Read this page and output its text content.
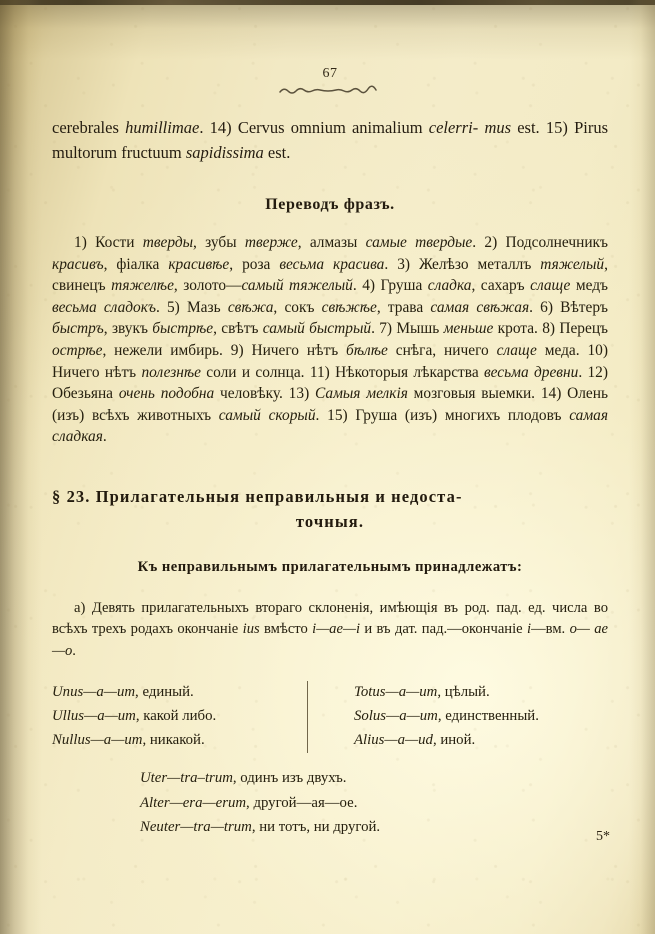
67

cerebrales humillimae. 14) Cervus omnium animalium celerri- mus est. 15) Pirus multorum fructuum sapidissima est.

Переводъ фразъ.

1) Кости тверды, зубы тверже, алмазы самые твердые. 2) Подсолнечникъ красивъ, фіалка красивѣе, роза весьма красива. 3) Желѣзо металлъ тяжелый, свинецъ тяжелѣе, золото—самый тяжелый. 4) Груша сладка, сахаръ слаще медъ весьма сладокъ. 5) Мазь свѣжа, сокъ свѣжѣе, трава самая свѣжая. 6) Вѣтеръ быстръ, звукъ быстрѣе, свѣтъ самый быстрый. 7) Мышь меньше крота. 8) Перецъ острѣе, нежели имбирь. 9) Ничего нѣтъ бѣлѣе снѣга, ничего слаще меда. 10) Ничего нѣтъ полезнѣе соли и солнца. 11) Нѣкоторыя лѣкарства весьма древни. 12) Обезьяна очень подобна человѣку. 13) Самыя мелкія мозговыя выемки. 14) Олень (изъ) всѣхъ животныхъ самый скорый. 15) Груша (изъ) многихъ плодовъ самая сладкая.

§ 23. Прилагательныя неправильныя и недоста-
точныя.
Къ неправильнымъ прилагательнымъ принадлежатъ:

а) Девять прилагательныхъ втораго склоненія, имѣющія въ род. пад. ед. числа во всѣхъ трехъ родахъ окончаніе ius вмѣсто i—ae—i и въ дат. пад.—окончаніе i—вм. o— ae—o.

Unus—a—um, единый.
Ullus—a—um, какой либо.
Nullus—a—um, никакой.
Totus—a—um, цѣлый.
Solus—a—um, единственный.
Alius—a—ud, иной.
Uter—tra–trum, одинъ изъ двухъ.
Alter—era—erum, другой—ая—ое.
Neuter—tra—trum, ни тотъ, ни другой.
5*
